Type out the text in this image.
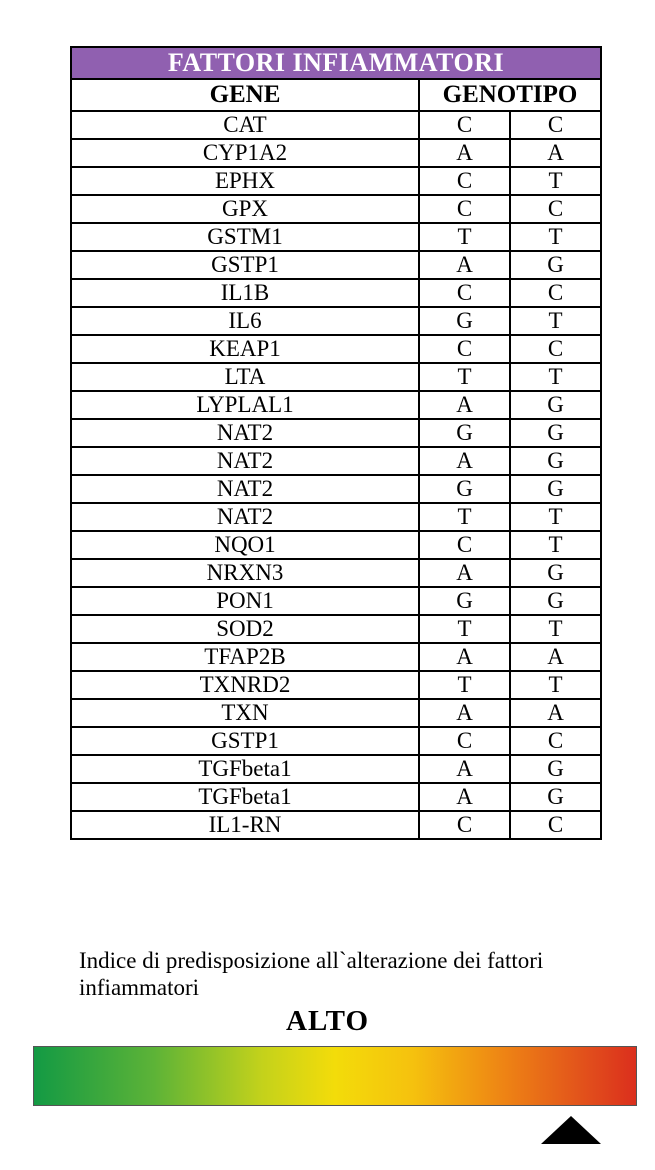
FATTORI INFIAMMATORI		
GENE	GENOTIPO	
CAT	C	C
CYP1A2	A	A
EPHX	C	T
GPX	C	C
GSTM1	T	T
GSTP1	A	G
IL1B	C	C
IL6	G	T
KEAP1	C	C
LTA	T	T
LYPLAL1	A	G
NAT2	G	G
NAT2	A	G
NAT2	G	G
NAT2	T	T
NQO1	C	T
NRXN3	A	G
PON1	G	G
SOD2	T	T
TFAP2B	A	A
TXNRD2	T	T
TXN	A	A
GSTP1	C	C
TGFbeta1	A	G
TGFbeta1	A	G
IL1-RN	C	C
Indice di predisposizione all`alterazione dei fattori infiammatori
ALTO
